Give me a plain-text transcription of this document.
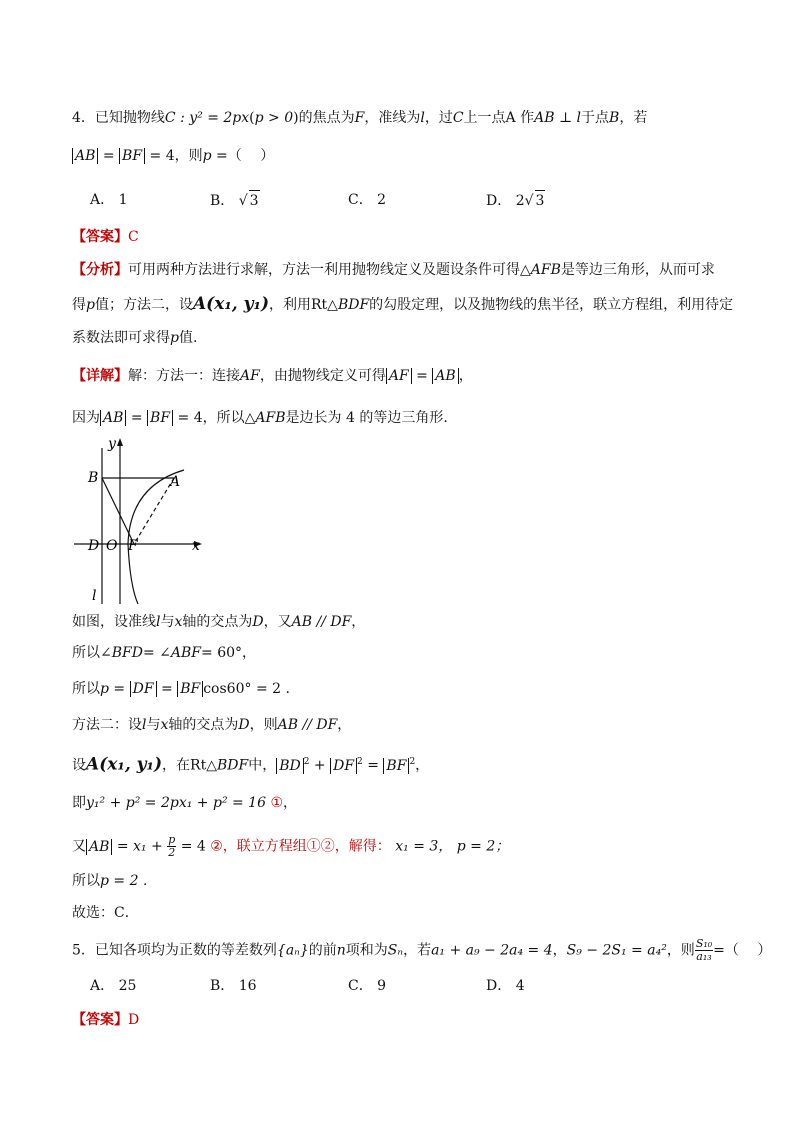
4．已知抛物线C : y² = 2px(p > 0)的焦点为F，准线为l，过C上一点A 作AB ⊥ l于点B，若
AB = BF = 4，则p =（　 ）
A． 1	B． √ 3	C． 2	D． 2√ 3
【答案】C
【分析】可用两种方法进行求解，方法一利用抛物线定义及题设条件可得△AFB是等边三角形，从而可求
得p值；方法二，设A(x₁, y₁)，利用Rt△BDF的勾股定理，以及抛物线的焦半径，联立方程组，利用待定
系数法即可求得p值.
【详解】解：方法一：连接AF，由抛物线定义可得 AF = AB ，
因为 AB = BF = 4，所以△AFB是边长为 4 的等边三角形.
y
B	A
D O F	x
l
如图，设准线l与x轴的交点为D，又AB // DF，
所以∠BFD= ∠ABF= 60°，
所以p = DF = BF cos60° = 2 .
方法二：设l与x轴的交点为D，则AB // DF，
设A(x₁, y₁)，在Rt△BDF中， BD $^2$ + DF $^2$ = BF $^2$，
即y₁² + p² = 2px₁ + p² = 16 ①，
又 AB = $x_1 + \frac{p}{2} = 4$ ②，联立方程组①②，解得： x₁ = 3， p = 2；
所以p = 2 .
故选：C．
5．已知各项均为正数的等差数列{aₙ}的前n项和为Sₙ，若a₁ + a₉ − 2a₄ = 4，S₉ − 2S₁ = a₄²，则 $\frac{\text{S₁₀}}{\text{a₁₃}}$ =（　 ）
A． 25	B． 16	C． 9	D． 4
【答案】D
